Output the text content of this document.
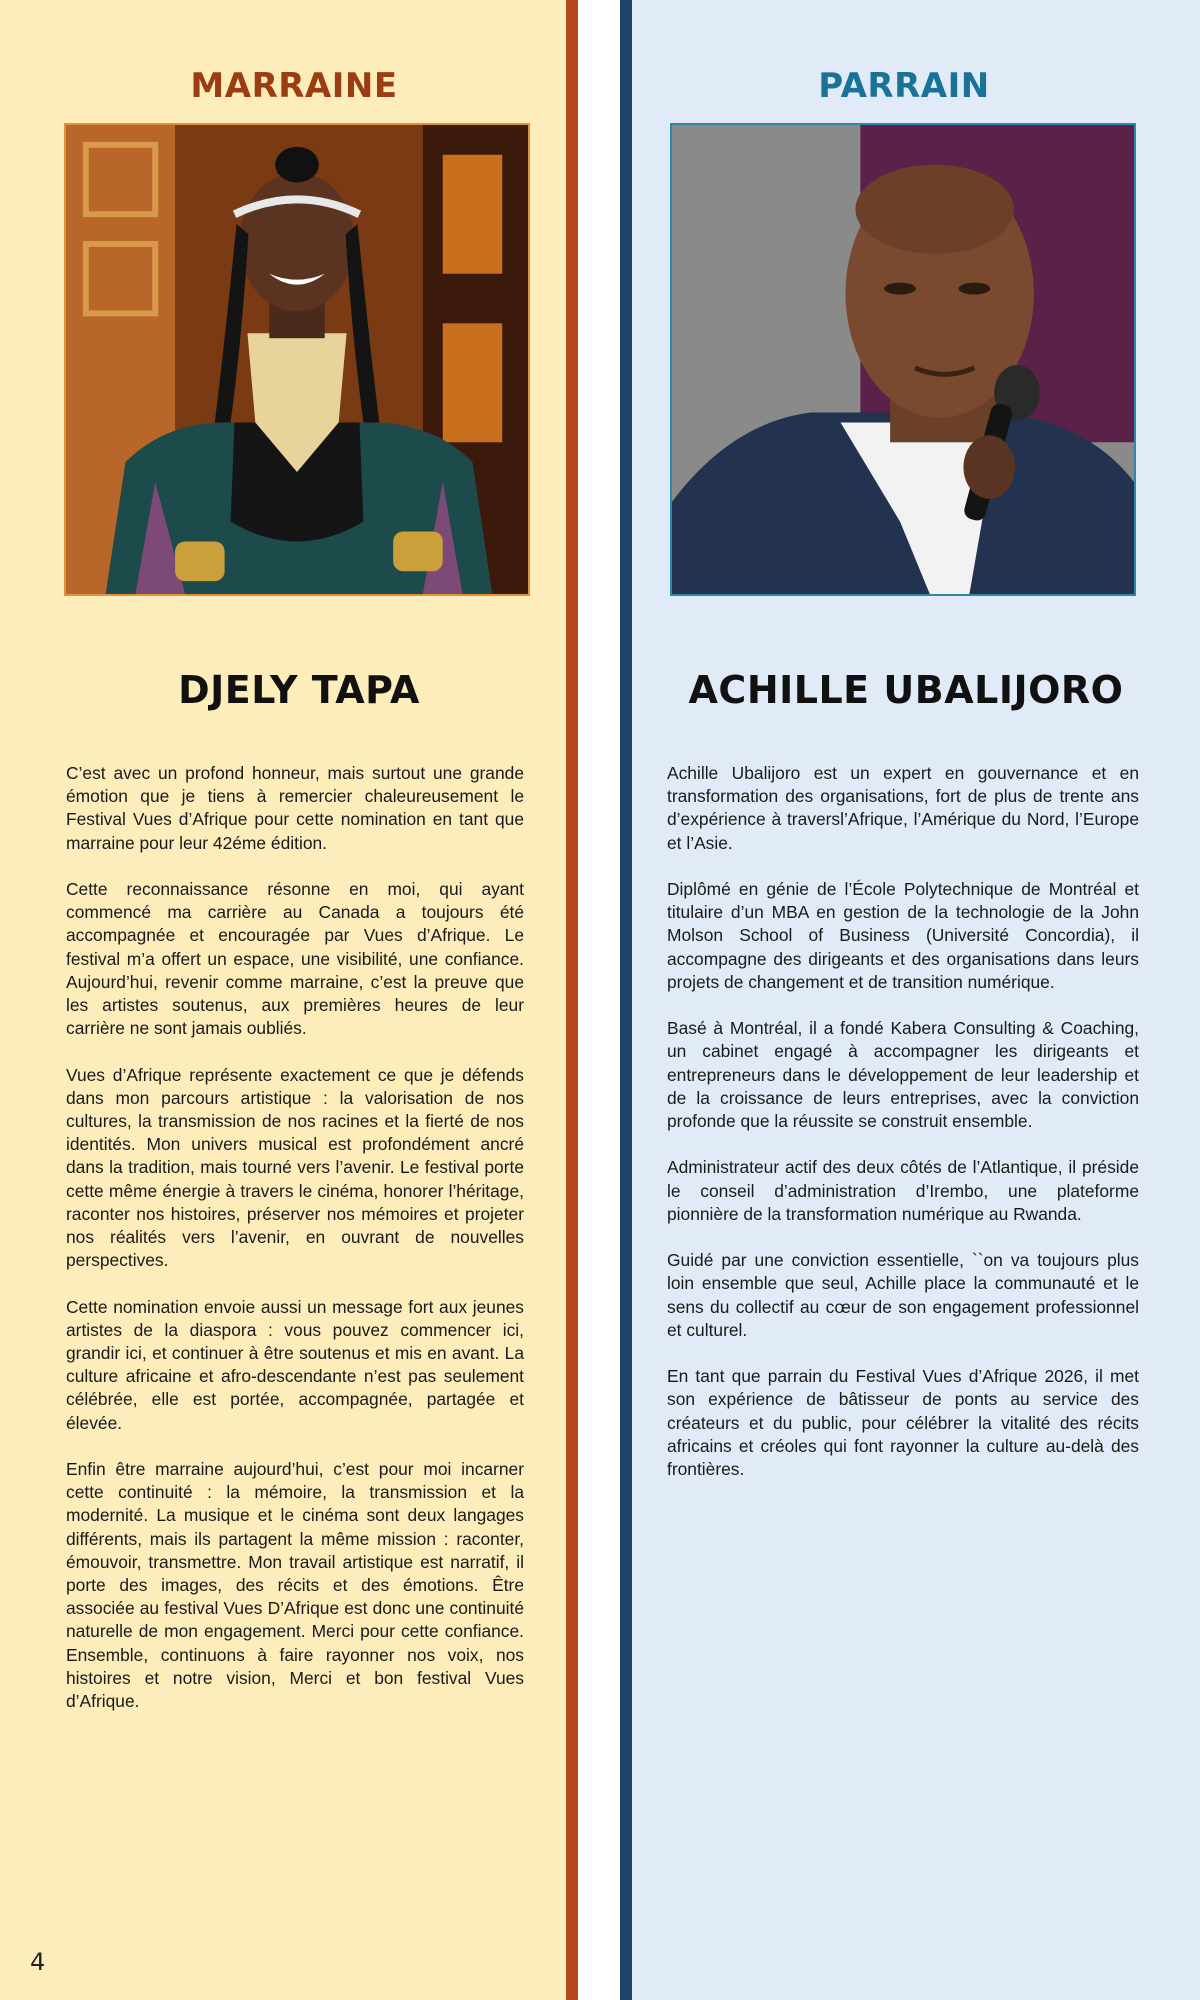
MARRAINE	PARRAIN
DJELY TAPA	ACHILLE UBALIJORO

C’est avec un profond honneur, mais surtout une grande émotion que je tiens à remercier chaleureusement le Festival Vues d’Afrique pour cette nomination en tant que marraine pour leur 42éme édition.

Cette reconnaissance résonne en moi, qui ayant commencé ma carrière au Canada a toujours été accompagnée et encouragée par Vues d’Afrique. Le festival m’a offert un espace, une visibilité, une confiance. Aujourd’hui, revenir comme marraine, c’est la preuve que les artistes soutenus, aux premières heures de leur carrière ne sont jamais oubliés.

Vues d’Afrique représente exactement ce que je défends dans mon parcours artistique : la valorisation de nos cultures, la transmission de nos racines et la fierté de nos identités. Mon univers musical est profondément ancré dans la tradition, mais tourné vers l’avenir. Le festival porte cette même énergie à travers le cinéma, honorer l’héritage, raconter nos histoires, préserver nos mémoires et projeter nos réalités vers l’avenir, en ouvrant de nouvelles perspectives.

Cette nomination envoie aussi un message fort aux jeunes artistes de la diaspora : vous pouvez commencer ici, grandir ici, et continuer à être soutenus et mis en avant. La culture africaine et afro-descendante n’est pas seulement célébrée, elle est portée, accompagnée, partagée et élevée.

Enfin être marraine aujourd’hui, c’est pour moi incarner cette continuité : la mémoire, la transmission et la modernité. La musique et le cinéma sont deux langages différents, mais ils partagent la même mission : raconter, émouvoir, transmettre. Mon travail artistique est narratif, il porte des images, des récits et des émotions. Être associée au festival Vues D’Afrique est donc une continuité naturelle de mon engagement. Merci pour cette confiance. Ensemble, continuons à faire rayonner nos voix, nos histoires et notre vision, Merci et bon festival Vues d’Afrique.

Achille Ubalijoro est un expert en gouvernance et en transformation des organisations, fort de plus de trente ans d’expérience à traversl’Afrique, l’Amérique du Nord, l’Europe et l’Asie.

Diplômé en génie de l’École Polytechnique de Montréal et titulaire d’un MBA en gestion de la technologie de la John Molson School of Business (Université Concordia), il accompagne des dirigeants et des organisations dans leurs projets de changement et de transition numérique.

Basé à Montréal, il a fondé Kabera Consulting & Coaching, un cabinet engagé à accompagner les dirigeants et entrepreneurs dans le développement de leur leadership et de la croissance de leurs entreprises, avec la conviction profonde que la réussite se construit ensemble.

Administrateur actif des deux côtés de l’Atlantique, il préside le conseil d’administration d’Irembo, une plateforme pionnière de la transformation numérique au Rwanda.

Guidé par une conviction essentielle, ``on va toujours plus loin ensemble que seul, Achille place la communauté et le sens du collectif au cœur de son engagement professionnel et culturel.

En tant que parrain du Festival Vues d’Afrique 2026, il met son expérience de bâtisseur de ponts au service des créateurs et du public, pour célébrer la vitalité des récits africains et créoles qui font rayonner la culture au-delà des frontières.

4
